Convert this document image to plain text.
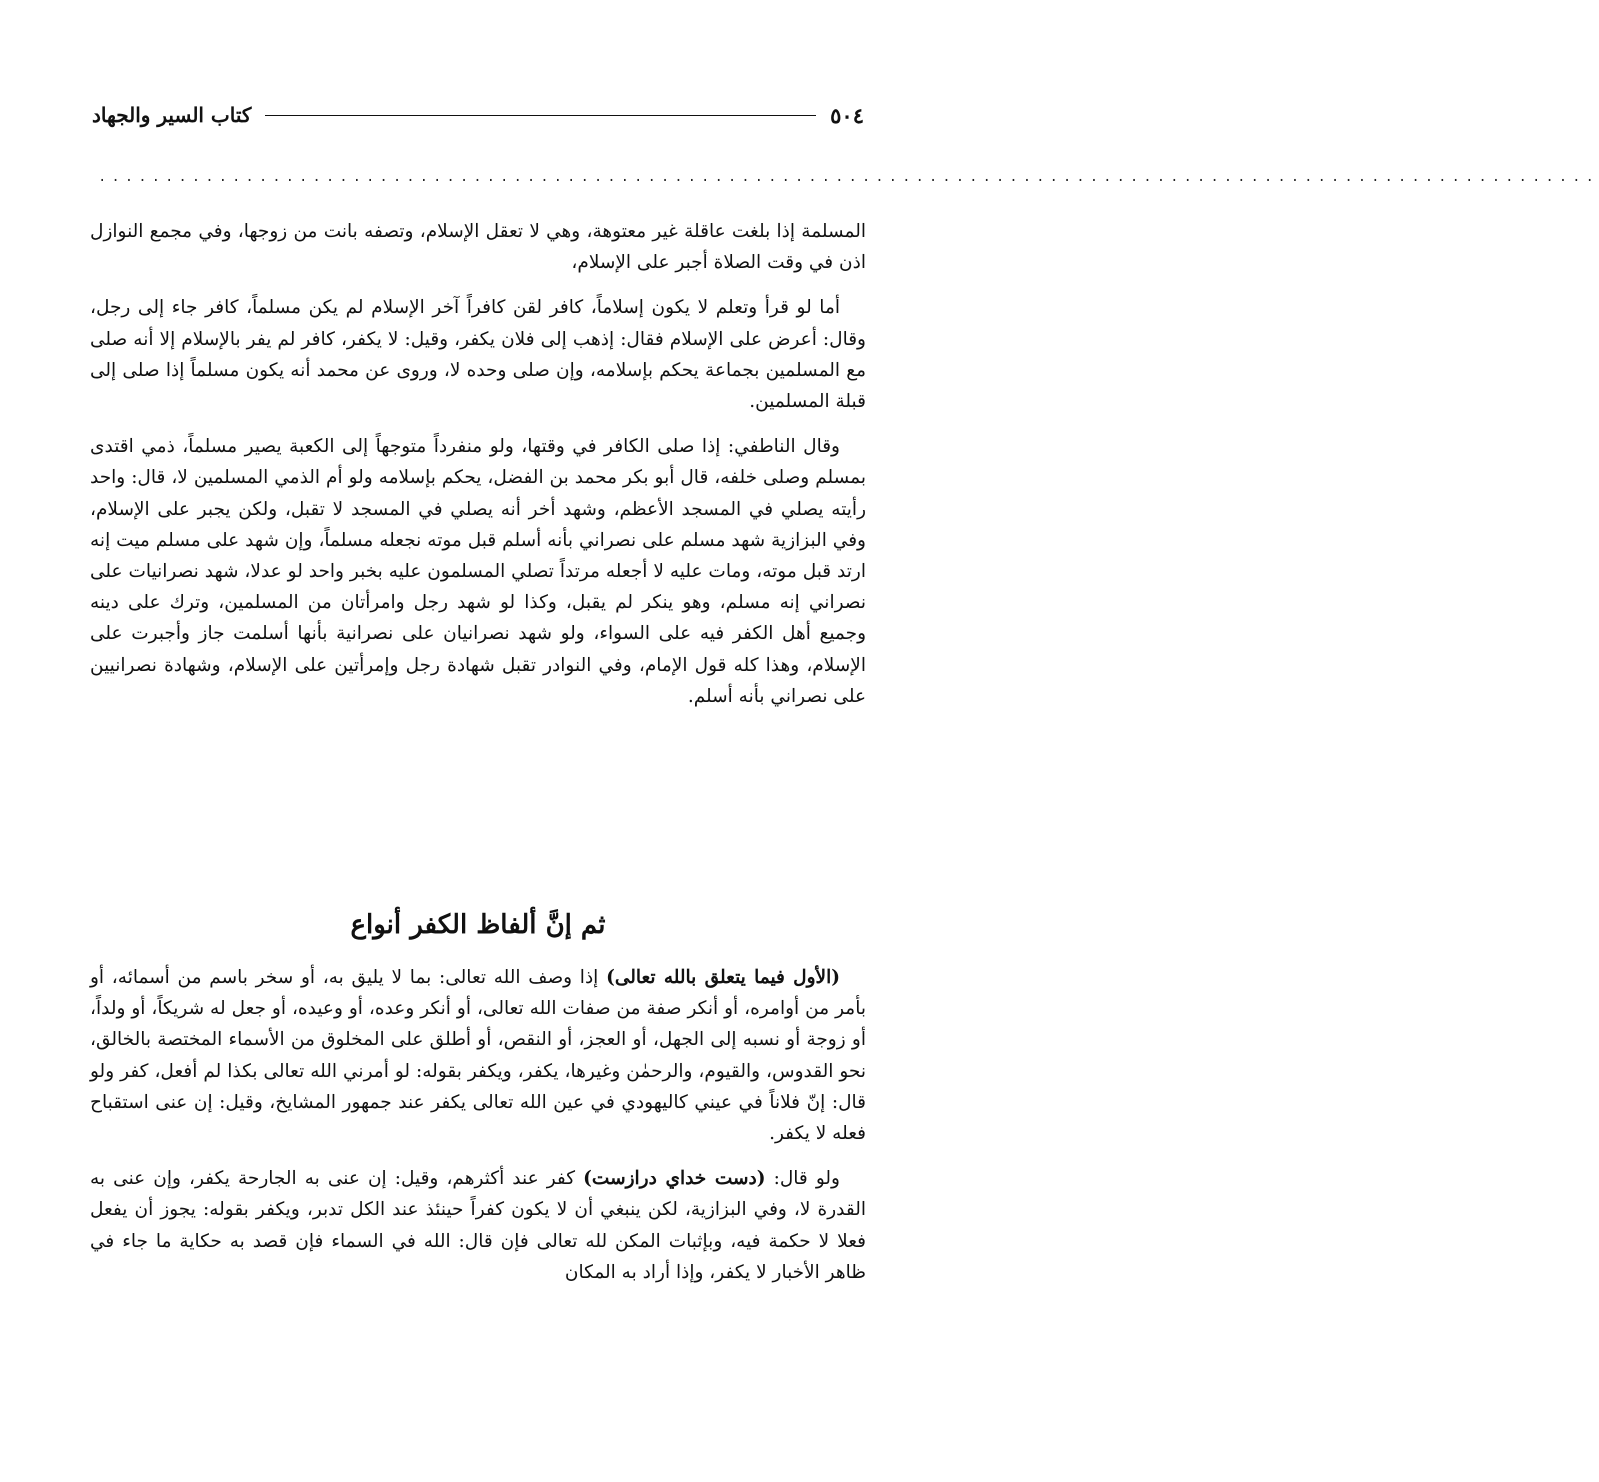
٥٠٤
كتاب السير والجهاد
................................................................................................................

المسلمة إذا بلغت عاقلة غير معتوهة، وهي لا تعقل الإسلام، وتصفه بانت من زوجها، وفي مجمع النوازل اذن في وقت الصلاة أجبر على الإسلام،

أما لو قرأ وتعلم لا يكون إسلاماً، كافر لقن كافراً آخر الإسلام لم يكن مسلماً، كافر جاء إلى رجل، وقال: أعرض على الإسلام فقال: إذهب إلى فلان يكفر، وقيل: لا يكفر، كافر لم يفر بالإسلام إلا أنه صلى مع المسلمين بجماعة يحكم بإسلامه، وإن صلى وحده لا، وروى عن محمد أنه يكون مسلماً إذا صلى إلى قبلة المسلمين.

وقال الناطفي: إذا صلى الكافر في وقتها، ولو منفرداً متوجهاً إلى الكعبة يصير مسلماً، ذمي اقتدى بمسلم وصلى خلفه، قال أبو بكر محمد بن الفضل، يحكم بإسلامه ولو أم الذمي المسلمين لا، قال: واحد رأيته يصلي في المسجد الأعظم، وشهد أخر أنه يصلي في المسجد لا تقبل، ولكن يجبر على الإسلام، وفي البزازية شهد مسلم على نصراني بأنه أسلم قبل موته نجعله مسلماً، وإن شهد على مسلم ميت إنه ارتد قبل موته، ومات عليه لا أجعله مرتداً تصلي المسلمون عليه بخبر واحد لو عدلا، شهد نصرانيات على نصراني إنه مسلم، وهو ينكر لم يقبل، وكذا لو شهد رجل وامرأتان من المسلمين، وترك على دينه وجميع أهل الكفر فيه على السواء، ولو شهد نصرانيان على نصرانية بأنها أسلمت جاز وأجبرت على الإسلام، وهذا كله قول الإمام، وفي النوادر تقبل شهادة رجل وإمرأتين على الإسلام، وشهادة نصرانيين على نصراني بأنه أسلم.

ثم إنَّ ألفاظ الكفر أنواع

(الأول فيما يتعلق بالله تعالى) إذا وصف الله تعالى: بما لا يليق به، أو سخر باسم من أسمائه، أو بأمر من أوامره، أو أنكر صفة من صفات الله تعالى، أو أنكر وعده، أو وعيده، أو جعل له شريكاً، أو ولداً، أو زوجة أو نسبه إلى الجهل، أو العجز، أو النقص، أو أطلق على المخلوق من الأسماء المختصة بالخالق، نحو القدوس، والقيوم، والرحمٰن وغيرها، يكفر، ويكفر بقوله: لو أمرني الله تعالى بكذا لم أفعل، كفر ولو قال: إنّ فلاناً في عيني كاليهودي في عين الله تعالى يكفر عند جمهور المشايخ، وقيل: إن عنى استقباح فعله لا يكفر.

ولو قال: (دست خداي درازست) كفر عند أكثرهم، وقيل: إن عنى به الجارحة يكفر، وإن عنى به القدرة لا، وفي البزازية، لكن ينبغي أن لا يكون كفراً حينئذ عند الكل تدبر، ويكفر بقوله: يجوز أن يفعل فعلا لا حكمة فيه، وبإثبات المكن لله تعالى فإن قال: الله في السماء فإن قصد به حكاية ما جاء في ظاهر الأخبار لا يكفر، وإذا أراد به المكان
